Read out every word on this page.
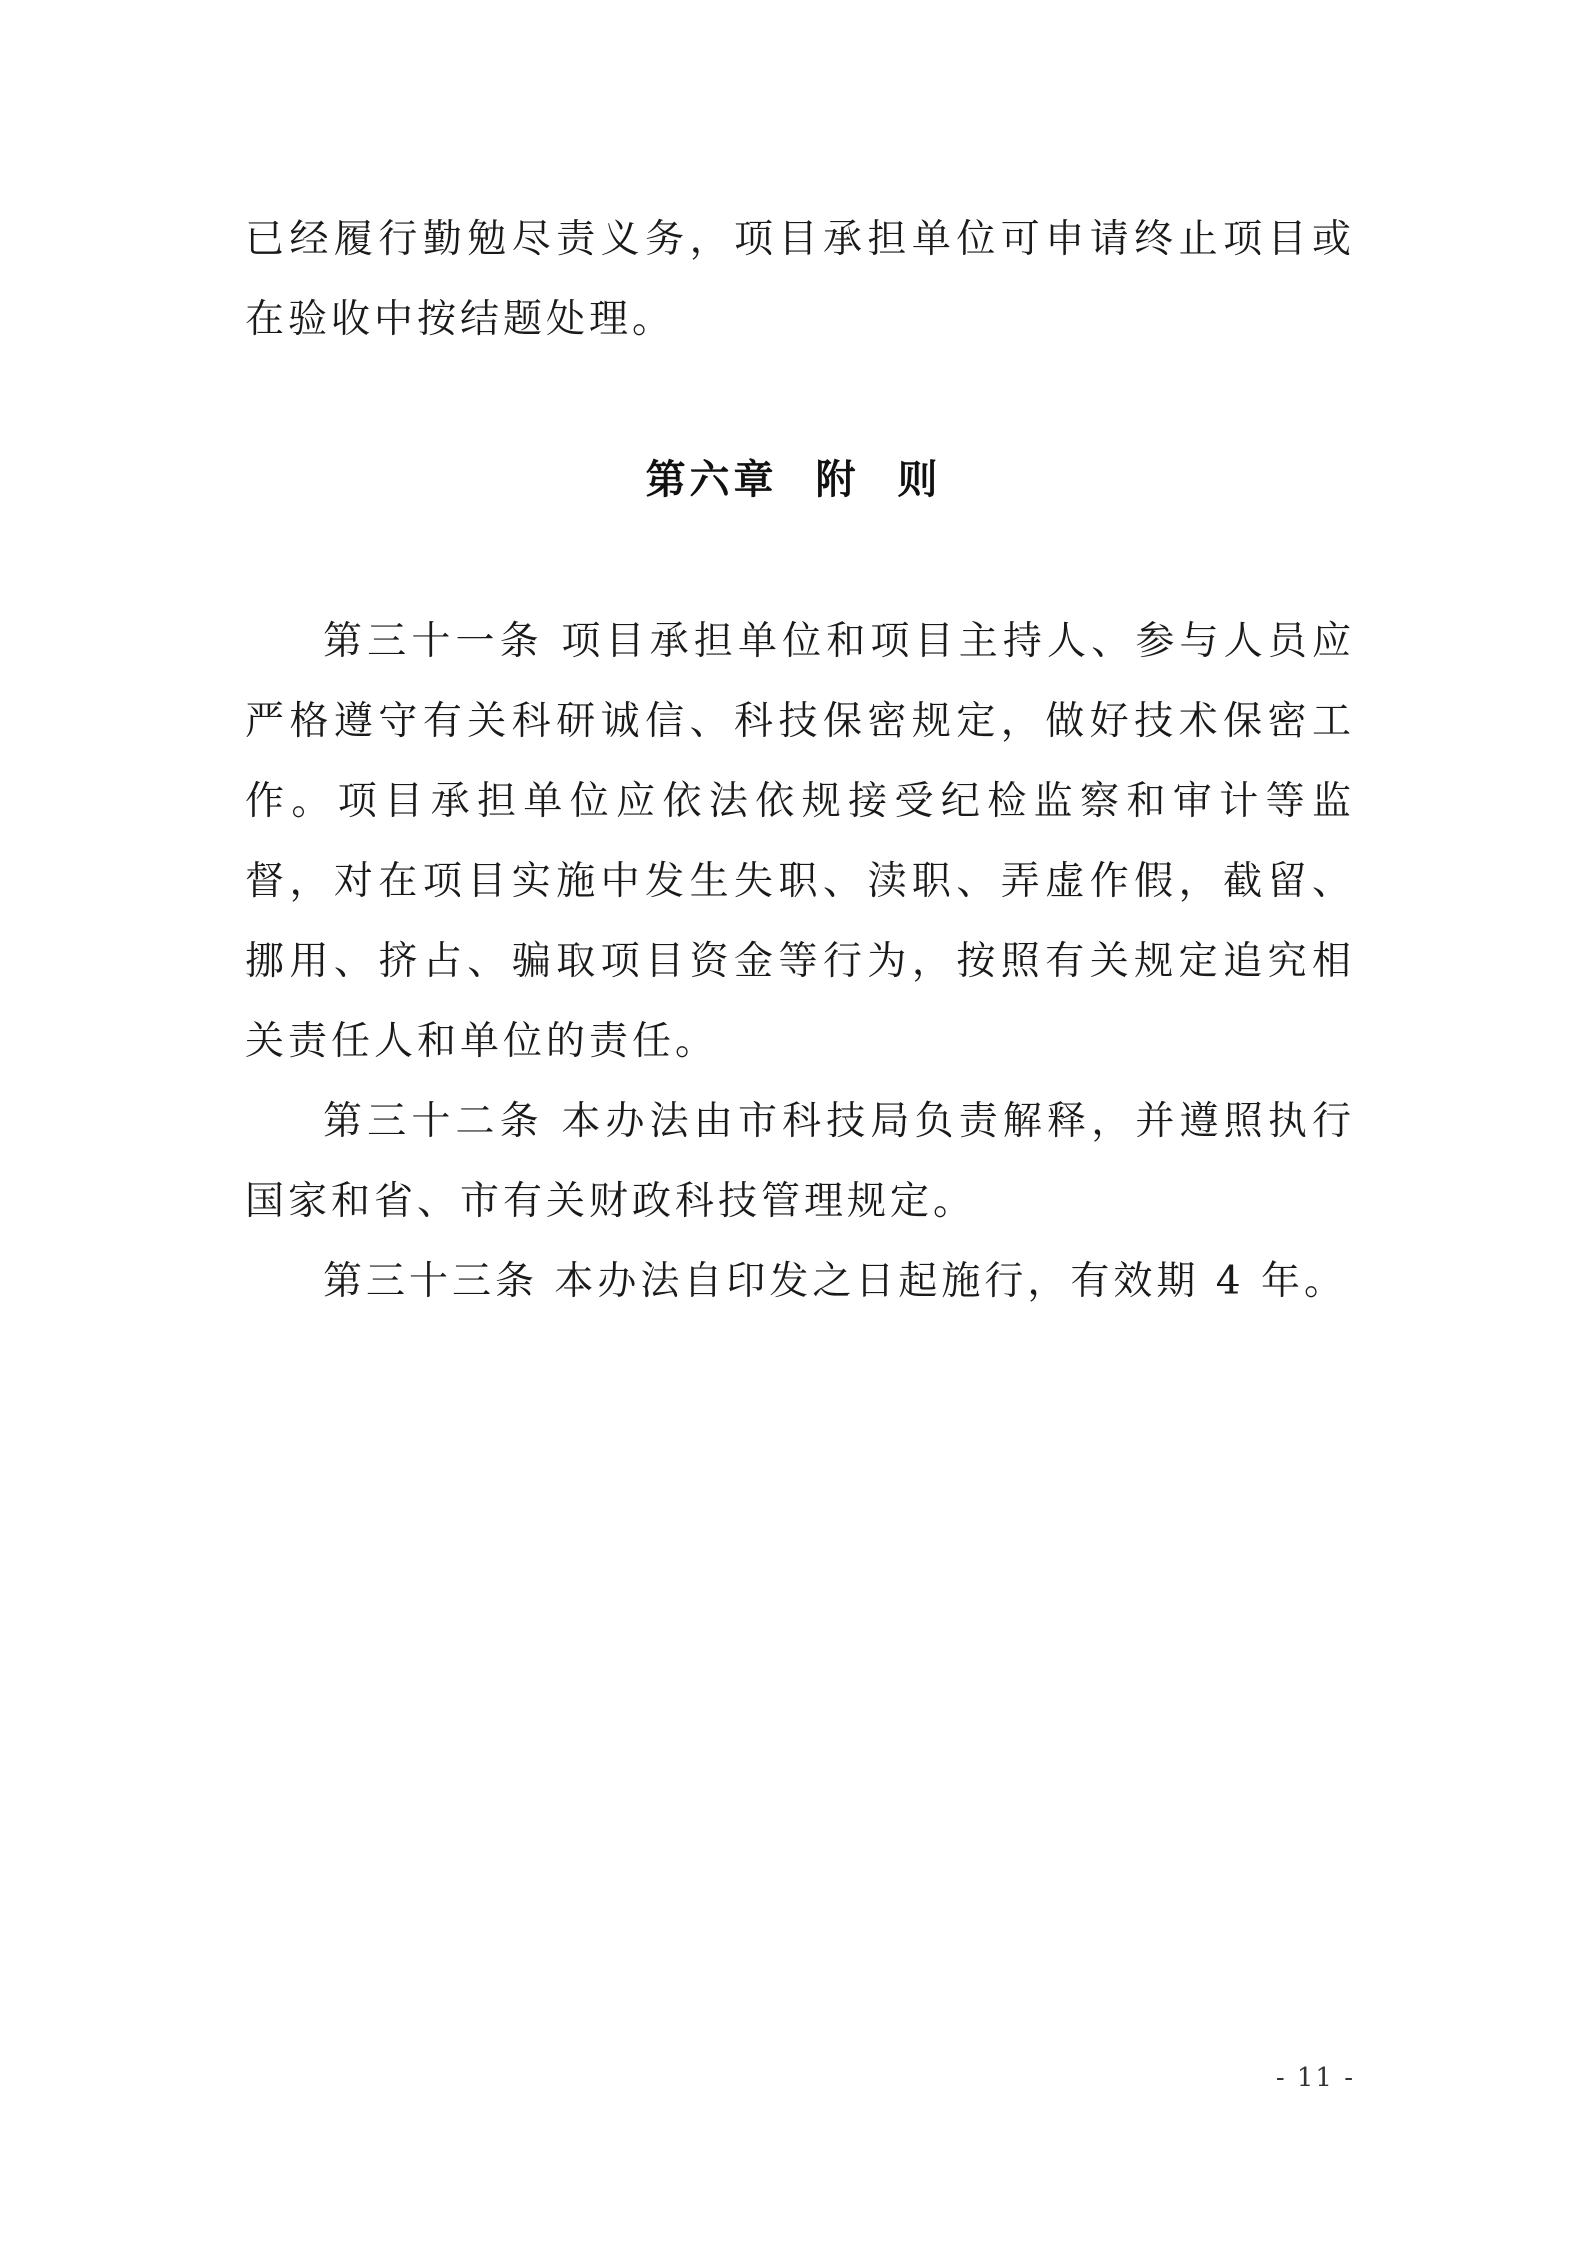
已经履行勤勉尽责义务，项目承担单位可申请终止项目或在验收中按结题处理。

第六章 附 则

第三十一条 项目承担单位和项目主持人、参与人员应严格遵守有关科研诚信、科技保密规定，做好技术保密工作。项目承担单位应依法依规接受纪检监察和审计等监督，对在项目实施中发生失职、渎职、弄虚作假，截留、挪用、挤占、骗取项目资金等行为，按照有关规定追究相关责任人和单位的责任。

第三十二条 本办法由市科技局负责解释，并遵照执行国家和省、市有关财政科技管理规定。

第三十三条 本办法自印发之日起施行，有效期 4 年。

- 11 -
